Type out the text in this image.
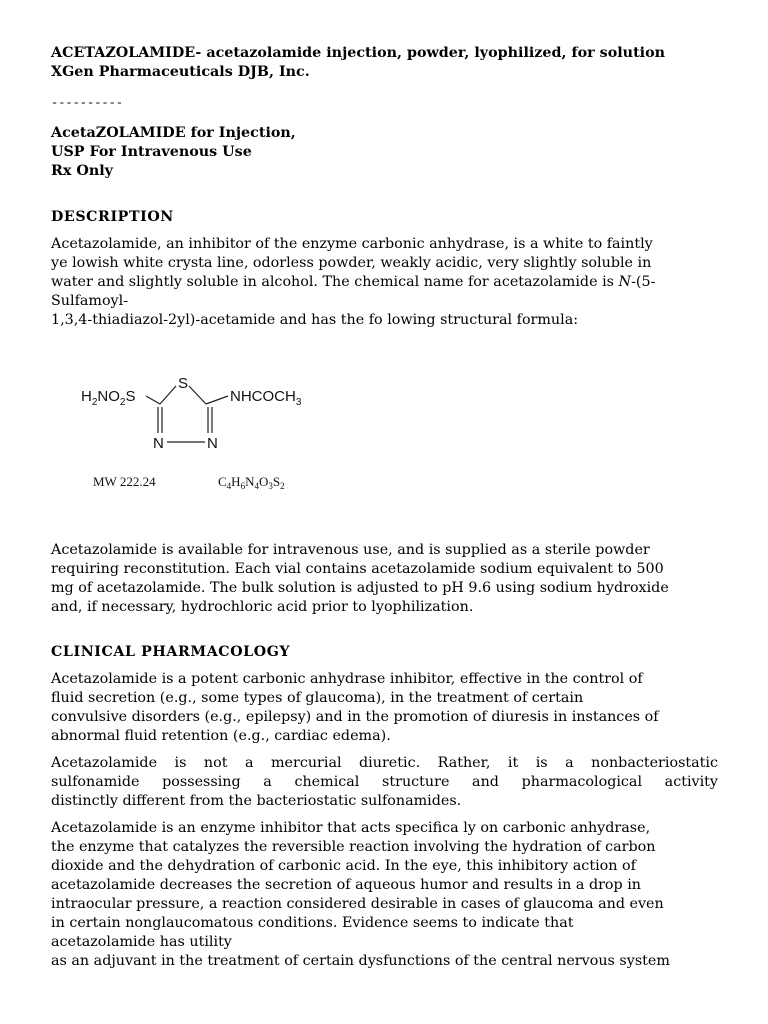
ACETAZOLAMIDE- acetazolamide injection, powder, lyophilized, for solution
XGen Pharmaceuticals DJB, Inc.
----------
AcetaZOLAMIDE for Injection,
USP For Intravenous Use
Rx Only
DESCRIPTION

Acetazolamide, an inhibitor of the enzyme carbonic anhydrase, is a white to faintly

ye lowish white crysta line, odorless powder, weakly acidic, very slightly soluble in

water and slightly soluble in alcohol. The chemical name for acetazolamide is N-(5-

Sulfamoyl-

1,3,4-thiadiazol-2yl)-acetamide and has the fo lowing structural formula:

$H_2NO_2S$
S
$NHCOCH_3$
N	N
MW 222.24	$C_4H_6N_4O_3S_2$

Acetazolamide is available for intravenous use, and is supplied as a sterile powder

requiring reconstitution. Each vial contains acetazolamide sodium equivalent to 500

mg of acetazolamide. The bulk solution is adjusted to pH 9.6 using sodium hydroxide

and, if necessary, hydrochloric acid prior to lyophilization.

CLINICAL PHARMACOLOGY

Acetazolamide is a potent carbonic anhydrase inhibitor, effective in the control of

fluid secretion (e.g., some types of glaucoma), in the treatment of certain

convulsive disorders (e.g., epilepsy) and in the promotion of diuresis in instances of

abnormal fluid retention (e.g., cardiac edema).

Acetazolamide is not a mercurial diuretic. Rather, it is a nonbacteriostatic

sulfonamide possessing a chemical structure and pharmacological activity

distinctly different from the bacteriostatic sulfonamides.

Acetazolamide is an enzyme inhibitor that acts specifica ly on carbonic anhydrase,

the enzyme that catalyzes the reversible reaction involving the hydration of carbon

dioxide and the dehydration of carbonic acid. In the eye, this inhibitory action of

acetazolamide decreases the secretion of aqueous humor and results in a drop in

intraocular pressure, a reaction considered desirable in cases of glaucoma and even

in certain nonglaucomatous conditions. Evidence seems to indicate that

acetazolamide has utility

as an adjuvant in the treatment of certain dysfunctions of the central nervous system
